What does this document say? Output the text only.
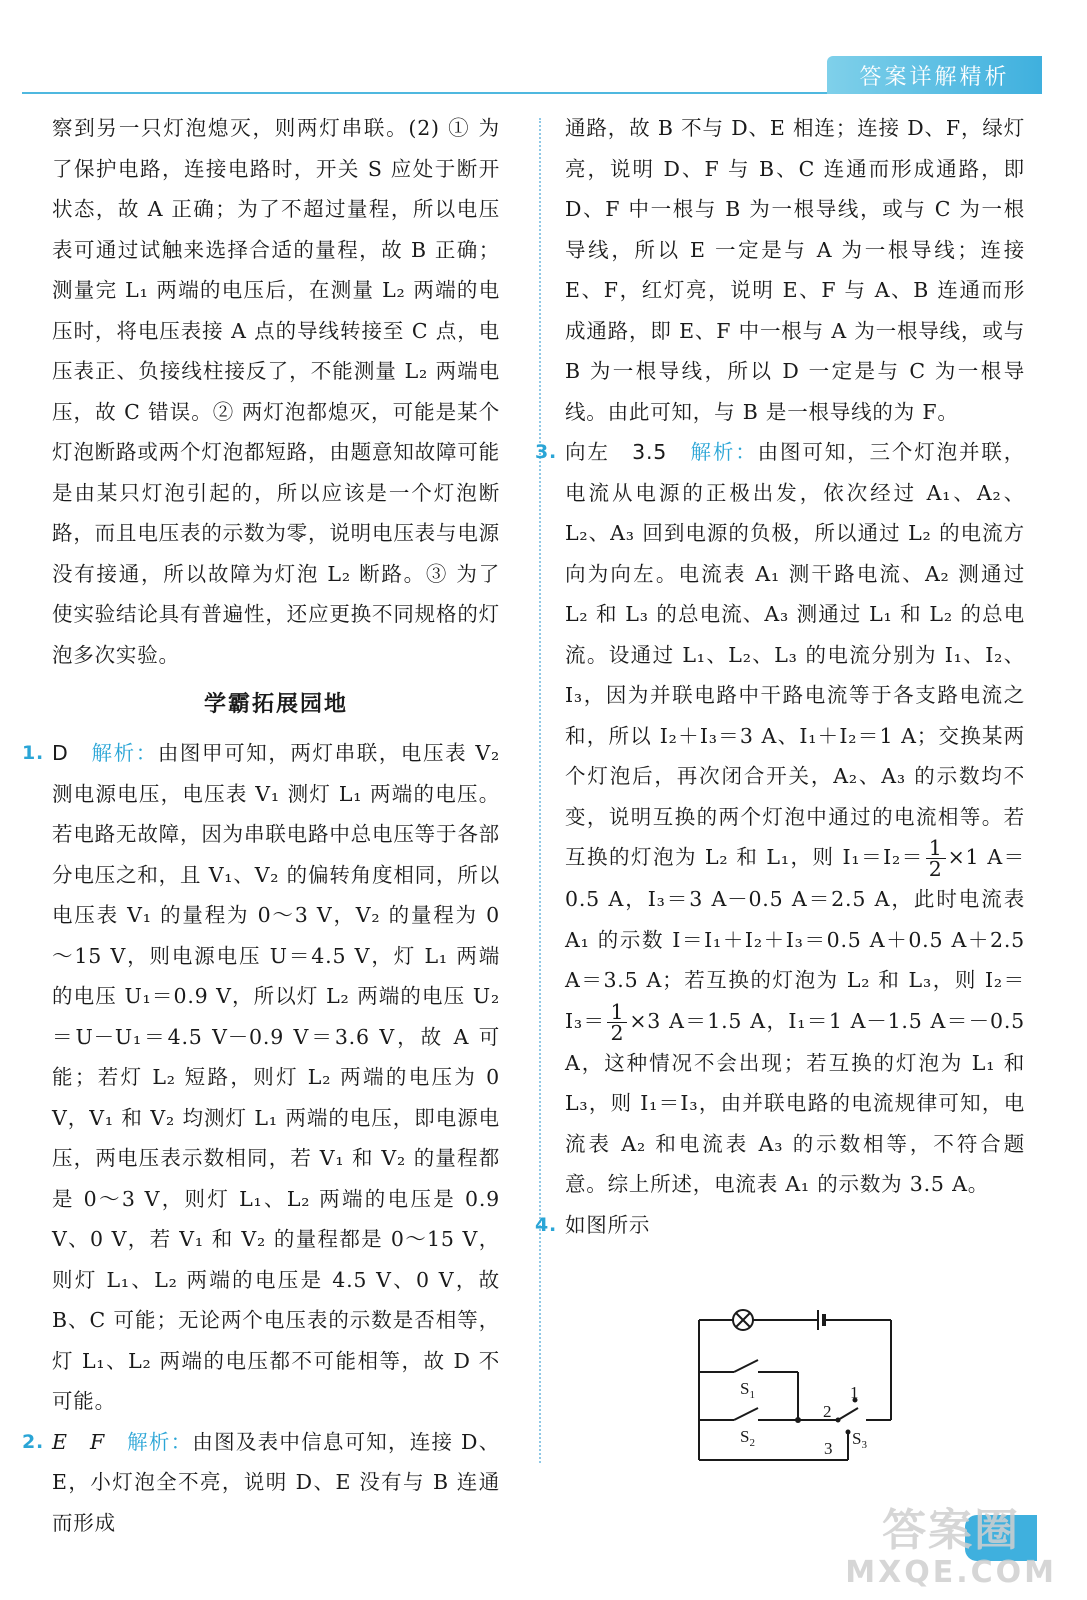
答案详解精析

察到另一只灯泡熄灭，则两灯串联。(2) ① 为了保护电路，连接电路时，开关 S 应处于断开状态，故 A 正确；为了不超过量程，所以电压表可通过试触来选择合适的量程，故 B 正确；测量完 L₁ 两端的电压后，在测量 L₂ 两端的电压时，将电压表接 A 点的导线转接至 C 点，电压表正、负接线柱接反了，不能测量 L₂ 两端电压，故 C 错误。② 两灯泡都熄灭，可能是某个灯泡断路或两个灯泡都短路，由题意知故障可能是由某只灯泡引起的，所以应该是一个灯泡断路，而且电压表的示数为零，说明电压表与电源没有接通，所以故障为灯泡 L₂ 断路。③ 为了使实验结论具有普遍性，还应更换不同规格的灯泡多次实验。

学霸拓展园地
1. D　 解析：由图甲可知，两灯串联，电压表 V₂ 测电源电压，电压表 V₁ 测灯 L₁ 两端的电压。若电路无故障，因为串联电路中总电压等于各部分电压之和，且 V₁、V₂ 的偏转角度相同，所以电压表 V₁ 的量程为 0～3 V，V₂ 的量程为 0～15 V，则电源电压 U＝4.5 V，灯 L₁ 两端的电压 U₁＝0.9 V，所以灯 L₂ 两端的电压 U₂＝U－U₁＝4.5 V－0.9 V＝3.6 V，故 A 可能；若灯 L₂ 短路，则灯 L₂ 两端的电压为 0 V，V₁ 和 V₂ 均测灯 L₁ 两端的电压，即电源电压，两电压表示数相同，若 V₁ 和 V₂ 的量程都是 0～3 V，则灯 L₁、L₂ 两端的电压是 0.9 V、0 V，若 V₁ 和 V₂ 的量程都是 0～15 V，则灯 L₁、L₂ 两端的电压是 4.5 V、0 V，故 B、C 可能；无论两个电压表的示数是否相等，灯 L₁、L₂ 两端的电压都不可能相等，故 D 不可能。

2. E　F　 解析：由图及表中信息可知，连接 D、E，小灯泡全不亮，说明 D、E 没有与 B 连通而形成

通路，故 B 不与 D、E 相连；连接 D、F，绿灯亮，说明 D、F 与 B、C 连通而形成通路，即 D、F 中一根与 B 为一根导线，或与 C 为一根导线，所以 E 一定是与 A 为一根导线；连接 E、F，红灯亮，说明 E、F 与 A、B 连通而形成通路，即 E、F 中一根与 A 为一根导线，或与 B 为一根导线，所以 D 一定是与 C 为一根导线。由此可知，与 B 是一根导线的为 F。

3. 向左　3.5　 解析：由图可知，三个灯泡并联，电流从电源的正极出发，依次经过 A₁、A₂、L₂、A₃ 回到电源的负极，所以通过 L₂ 的电流方向为向左。电流表 A₁ 测干路电流、A₂ 测通过 L₂ 和 L₃ 的总电流、A₃ 测通过 L₁ 和 L₂ 的总电流。设通过 L₁、L₂、L₃ 的电流分别为 I₁、I₂、I₃，因为并联电路中干路电流等于各支路电流之和，所以 I₂＋I₃＝3 A、I₁＋I₂＝1 A；交换某两个灯泡后，再次闭合开关，A₂、A₃ 的示数均不变，说明互换的两个灯泡中通过的电流相等。若互换的灯泡为 L₂ 和 L₁，则 $I_1=I_2= \frac{1}{2} \times 1$ A＝0.5 A，I₃＝3 A－0.5 A＝2.5 A，此时电流表 A₁ 的示数 I＝I₁＋I₂＋I₃＝0.5 A＋0.5 A＋2.5 A＝3.5 A；若互换的灯泡为 L₂ 和 L₃，则 $I_2=I_3= \frac{1}{2} \times 3$ A＝1.5 A，I₁＝1 A－1.5 A＝－0.5 A，这种情况不会出现；若互换的灯泡为 L₁ 和 L₃，则 I₁＝I₃，由并联电路的电流规律可知，电流表 A₂ 和电流表 A₃ 的示数相等，不符合题意。综上所述，电流表 A₁ 的示数为 3.5 A。

4. 如图所示

$S_1$
$S_2$	$S_3$
1
2
3
答案圈
MXQE.COM
